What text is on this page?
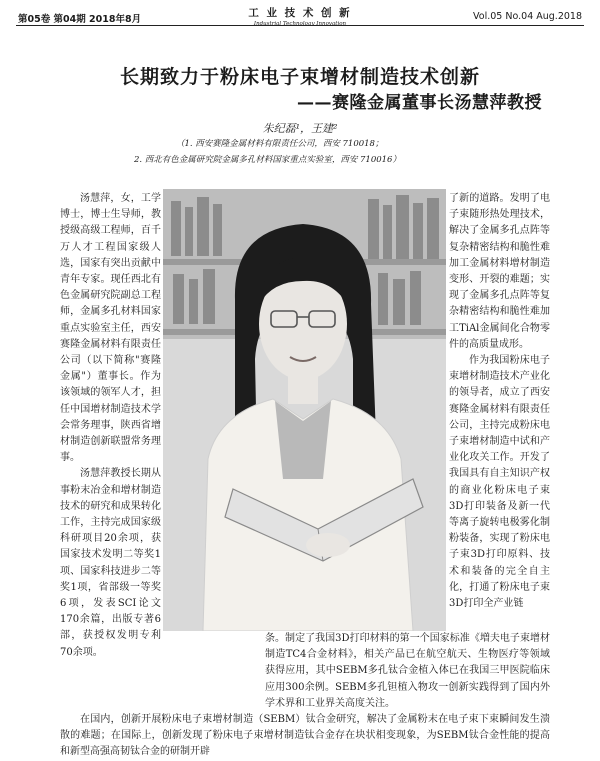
第05卷 第04期 2018年8月
工 业 技 术 创 新
Industrial Technology Innovation
Vol.05 No.04 Aug.2018
长期致力于粉床电子束增材制造技术创新
——赛隆金属董事长汤慧萍教授
朱纪磊¹，王建²
（1. 西安赛隆金属材料有限责任公司，西安 710018；
2. 西北有色金属研究院金属多孔材料国家重点实验室，西安 710016）

汤慧萍，女，工学博士，博士生导师，教授级高级工程师，百千万人才工程国家级人选，国家有突出贡献中青年专家。现任西北有色金属研究院副总工程师，金属多孔材料国家重点实验室主任，西安赛隆金属材料有限责任公司（以下简称"赛隆金属"）董事长。作为该领域的领军人才，担任中国增材制造技术学会常务理事，陕西省增材制造创新联盟常务理事。

汤慧萍教授长期从事粉末冶金和增材制造技术的研究和成果转化工作，主持完成国家级科研项目20余项，获国家技术发明二等奖1项、国家科技进步二等奖1项，省部级一等奖6项，发表SCI论文170余篇，出版专著6部，获授权发明专利70余项。

了新的道路。发明了电子束随形热处理技术，解决了金属多孔点阵等复杂精密结构和脆性难加工金属材料增材制造变形、开裂的难题；实现了金属多孔点阵等复杂精密结构和脆性难加工TiAl金属间化合物零件的高质量成形。

作为我国粉床电子束增材制造技术产业化的领导者，成立了西安赛隆金属材料有限责任公司，主持完成粉床电子束增材制造中试和产业化攻关工作。开发了我国具有自主知识产权的商业化粉床电子束3D打印装备及新一代等离子旋转电极雾化制粉装备，实现了粉床电子束3D打印原料、技术和装备的完全自主化，打通了粉床电子束3D打印全产业链

条。制定了我国3D打印材料的第一个国家标准《増夫电子束增材制造TC4合金材料》，相关产品已在航空航天、生物医疗等领域获得应用，其中SEBM多孔钛合金植入体已在我国三甲医院临床应用300余例。SEBM多孔钽植入物攻一创新实践得到了国内外学术界和工业界关高度关注。

在国内，创新开展粉床电子束增材制造（SEBM）钛合金研究，解决了金属粉末在电子束下束瞬间发生溃散的难题；在国际上，创新发现了粉床电子束增材制造钛合金存在块状相变现象，为SEBM钛合金性能的提高和新型高强高韧钛合金的研制开辟
